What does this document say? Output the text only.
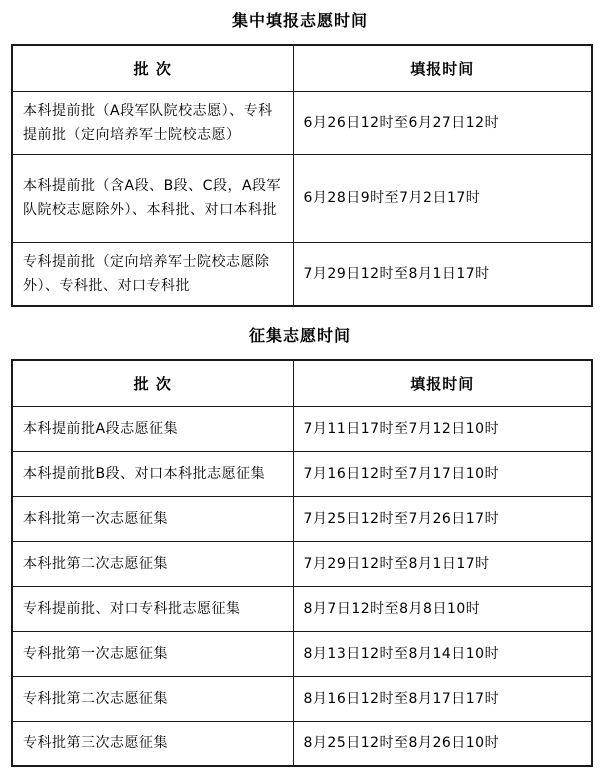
集中填报志愿时间
批 次	填报时间
本科提前批（A段军队院校志愿）、专科提前批（定向培养军士院校志愿）	6月26日12时至6月27日12时
本科提前批（含A段、B段、C段，A段军队院校志愿除外）、本科批、对口本科批	6月28日9时至7月2日17时
专科提前批（定向培养军士院校志愿除外）、专科批、对口专科批	7月29日12时至8月1日17时
征集志愿时间
批 次	填报时间
本科提前批A段志愿征集	7月11日17时至7月12日10时
本科提前批B段、对口本科批志愿征集	7月16日12时至7月17日10时
本科批第一次志愿征集	7月25日12时至7月26日17时
本科批第二次志愿征集	7月29日12时至8月1日17时
专科提前批、对口专科批志愿征集	8月7日12时至8月8日10时
专科批第一次志愿征集	8月13日12时至8月14日10时
专科批第二次志愿征集	8月16日12时至8月17日17时
专科批第三次志愿征集	8月25日12时至8月26日10时
